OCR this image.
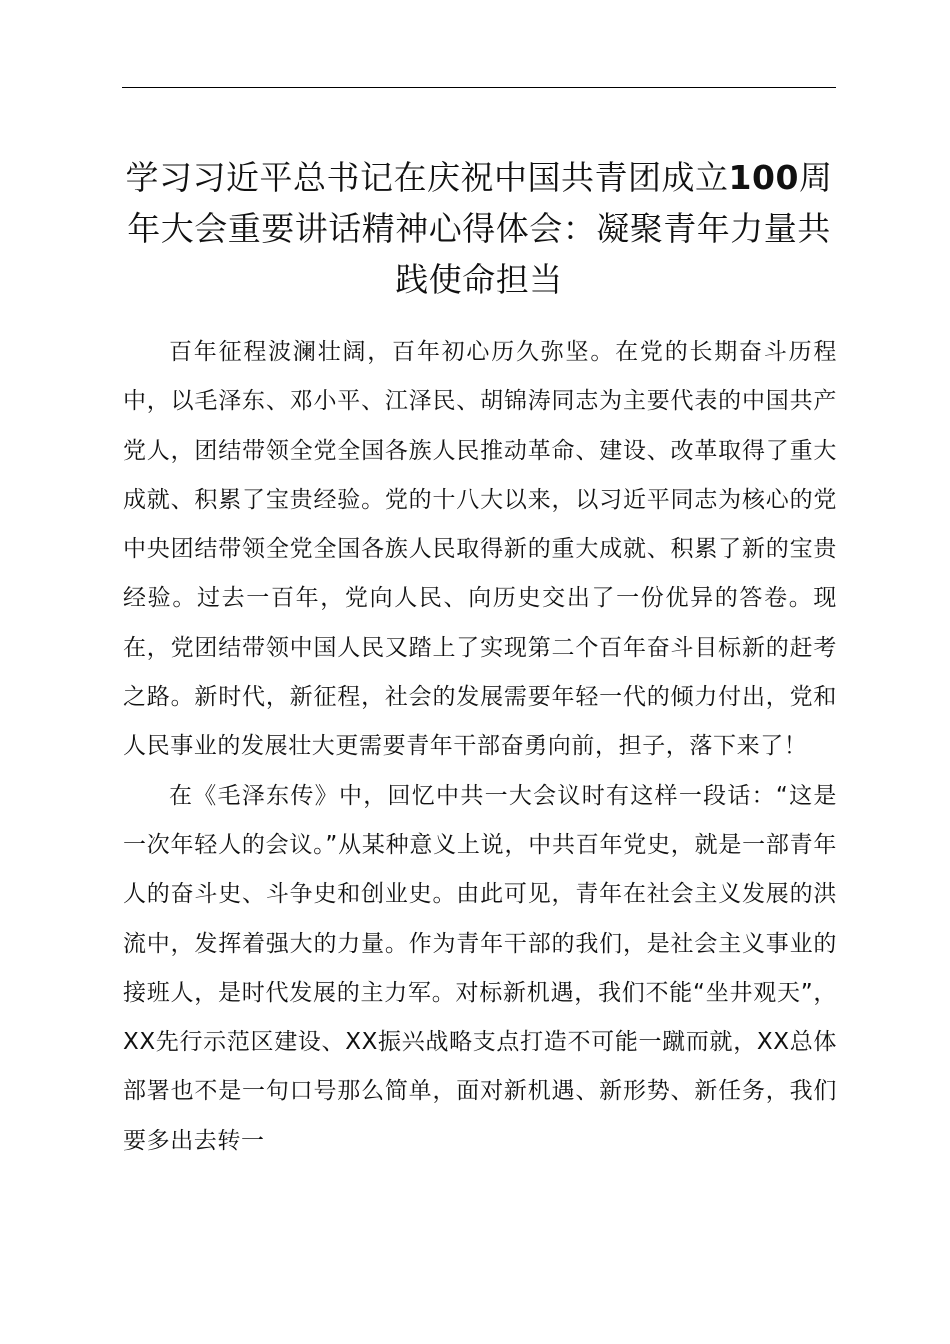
学习习近平总书记在庆祝中国共青团成立100周年大会重要讲话精神心得体会：凝聚青年力量共践使命担当

百年征程波澜壮阔，百年初心历久弥坚。在党的长期奋斗历程中，以毛泽东、邓小平、江泽民、胡锦涛同志为主要代表的中国共产党人，团结带领全党全国各族人民推动革命、建设、改革取得了重大成就、积累了宝贵经验。党的十八大以来，以习近平同志为核心的党中央团结带领全党全国各族人民取得新的重大成就、积累了新的宝贵经验。过去一百年，党向人民、向历史交出了一份优异的答卷。现在，党团结带领中国人民又踏上了实现第二个百年奋斗目标新的赶考之路。新时代，新征程，社会的发展需要年轻一代的倾力付出，党和人民事业的发展壮大更需要青年干部奋勇向前，担子，落下来了！

在《毛泽东传》中，回忆中共一大会议时有这样一段话：“这是一次年轻人的会议。”从某种意义上说，中共百年党史，就是一部青年人的奋斗史、斗争史和创业史。由此可见，青年在社会主义发展的洪流中，发挥着强大的力量。作为青年干部的我们，是社会主义事业的接班人，是时代发展的主力军。对标新机遇，我们不能“坐井观天”，XX先行示范区建设、XX振兴战略支点打造不可能一蹴而就，XX总体部署也不是一句口号那么简单，面对新机遇、新形势、新任务，我们要多出去转一
